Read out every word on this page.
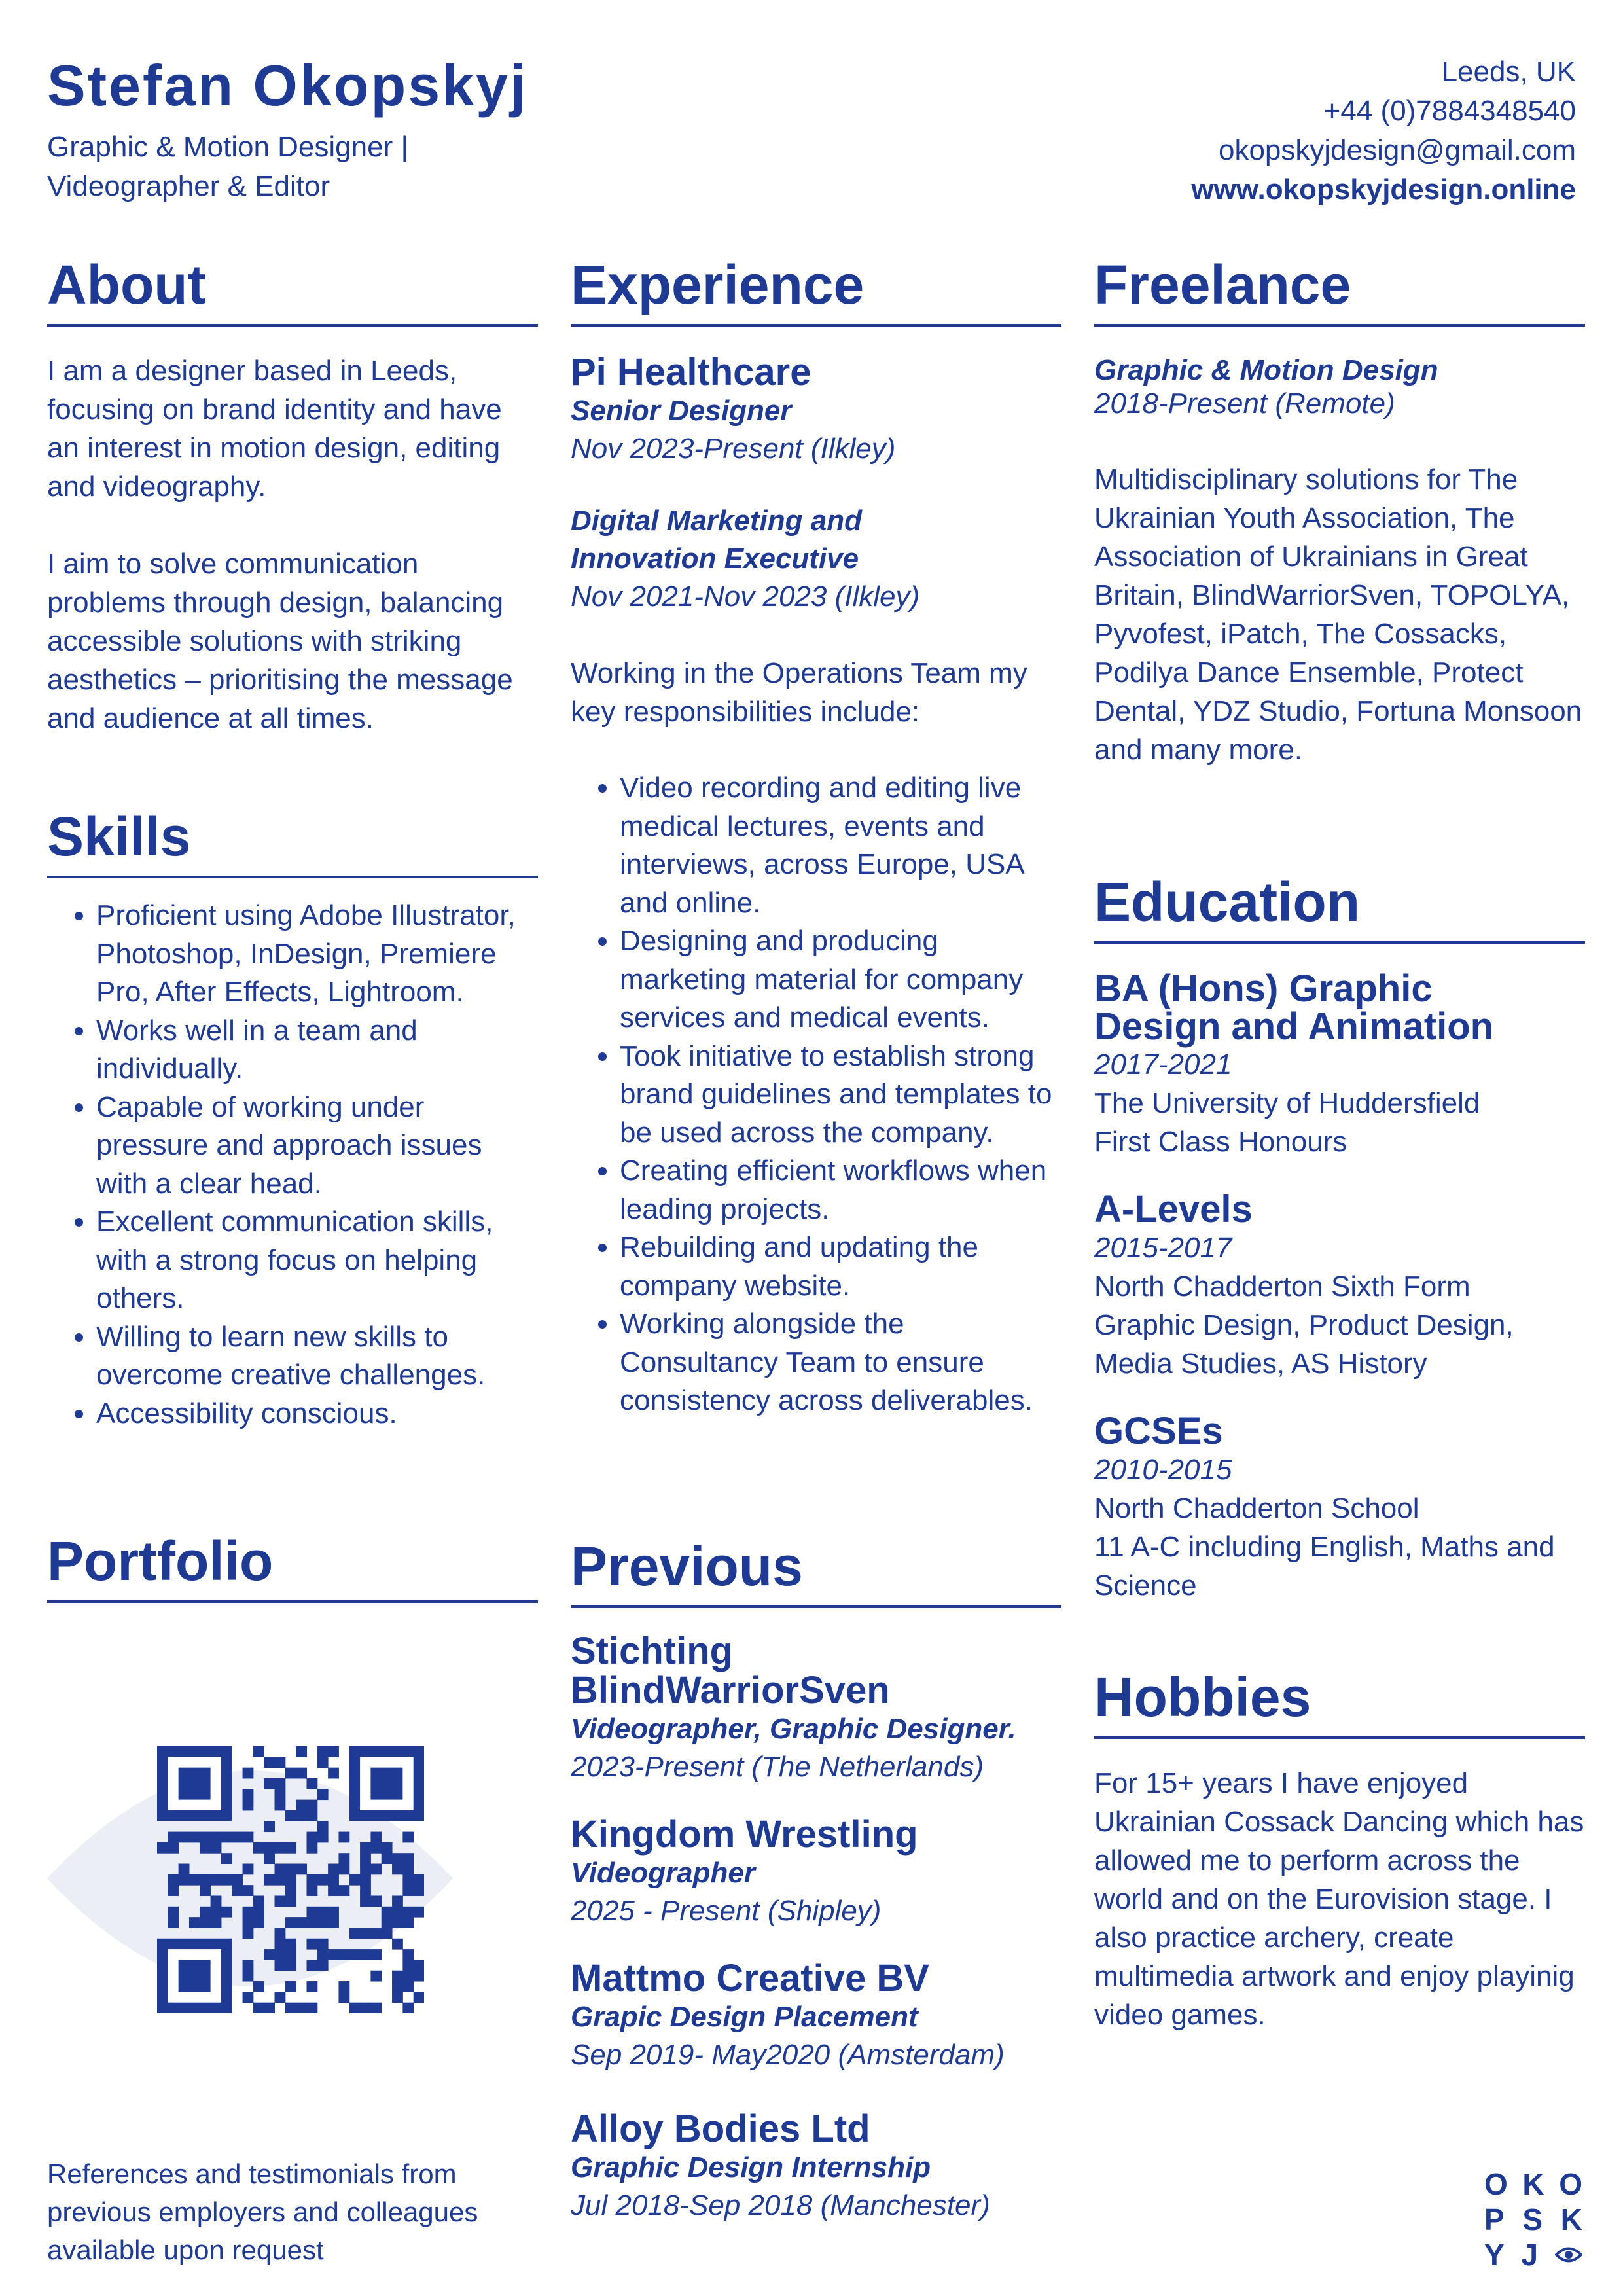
Stefan Okopskyj
Graphic & Motion Designer |
Videographer & Editor
Leeds, UK
+44 (0)7884348540
okopskyjdesign@gmail.com
www.okopskyjdesign.online
About

I am a designer based in Leeds, focusing on brand identity and have an interest in motion design, editing and videography.

I aim to solve communication problems through design, balancing accessible solutions with striking aesthetics – prioritising the message and audience at all times.

Skills
• Proficient using Adobe Illustrator, Photoshop, InDesign, Premiere Pro, After Effects, Lightroom.
• Works well in a team and individually.
• Capable of working under pressure and approach issues with a clear head.
• Excellent communication skills, with a strong focus on helping others.
• Willing to learn new skills to overcome creative challenges.
• Accessibility conscious.
Portfolio
References and testimonials from previous employers and colleagues available upon request
Experience
Pi Healthcare
Senior Designer
Nov 2023-Present (Ilkley)
Digital Marketing and
Innovation Executive
Nov 2021-Nov 2023 (Ilkley)

Working in the Operations Team my key responsibilities include:

• Video recording and editing live medical lectures, events and interviews, across Europe, USA and online.
• Designing and producing marketing material for company services and medical events.
• Took initiative to establish strong brand guidelines and templates to be used across the company.
• Creating efficient workflows when leading projects.
• Rebuilding and updating the company website.
• Working alongside the Consultancy Team to ensure consistency across deliverables.
Previous
Stichting
BlindWarriorSven
Videographer, Graphic Designer.
2023-Present (The Netherlands)
Kingdom Wrestling
Videographer
2025 - Present (Shipley)
Mattmo Creative BV
Grapic Design Placement
Sep 2019- May2020 (Amsterdam)
Alloy Bodies Ltd
Graphic Design Internship
Jul 2018-Sep 2018 (Manchester)
Freelance
Graphic & Motion Design
2018-Present (Remote)

Multidisciplinary solutions for The Ukrainian Youth Association, The Association of Ukrainians in Great Britain, BlindWarriorSven, TOPOLYA, Pyvofest, iPatch, The Cossacks, Podilya Dance Ensemble, Protect Dental, YDZ Studio, Fortuna Monsoon and many more.

Education
BA (Hons) Graphic
Design and Animation
2017-2021
The University of Huddersfield
First Class Honours
A-Levels
2015-2017
North Chadderton Sixth Form
Graphic Design, Product Design, Media Studies, AS History
GCSEs
2010-2015
North Chadderton School
11 A-C including English, Maths and Science
Hobbies

For 15+ years I have enjoyed Ukrainian Cossack Dancing which has allowed me to perform across the world and on the Eurovision stage. I also practice archery, create multimedia artwork and enjoy playinig video games.

O K O
P S K
Y J
